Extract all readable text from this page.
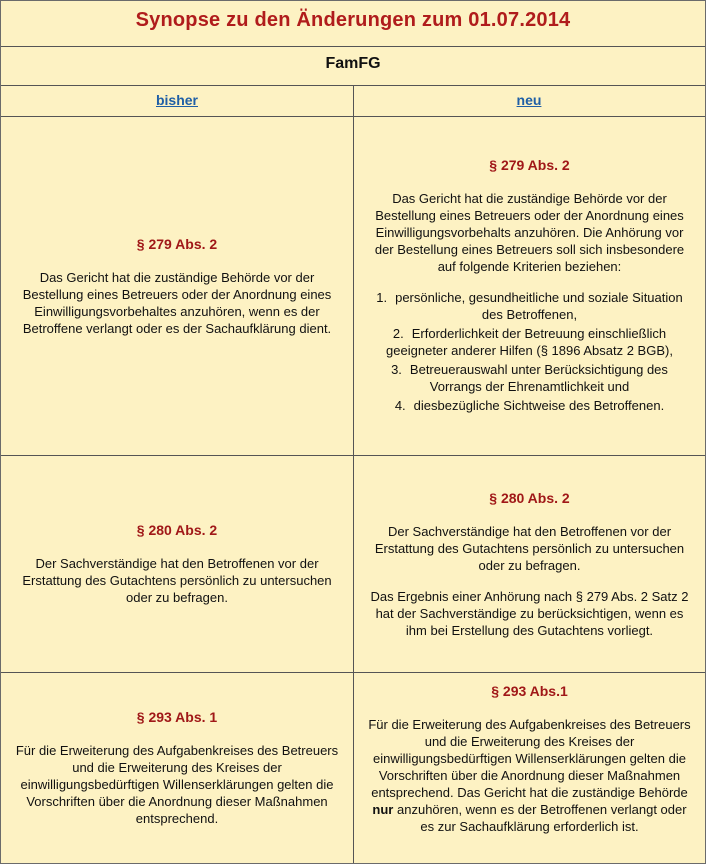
Synopse zu den Änderungen zum 01.07.2014
FamFG
bisher	neu
§ 279 Abs. 2

Das Gericht hat die zuständige Behörde vor der Bestellung eines Betreuers oder der Anordnung eines Einwilligungsvorbehaltes anzuhören, wenn es der Betroffene verlangt oder es der Sachaufklärung dient.

§ 279 Abs. 2

Das Gericht hat die zuständige Behörde vor der Bestellung eines Betreuers oder der Anordnung eines Einwilligungsvorbehalts anzuhören. Die Anhörung vor der Bestellung eines Betreuers soll sich insbesondere auf folgende Kriterien beziehen:

1. persönliche, gesundheitliche und soziale Situation des Betroffenen,
2. Erforderlichkeit der Betreuung einschließlich geeigneter anderer Hilfen (§ 1896 Absatz 2 BGB),
3. Betreuerauswahl unter Berücksichtigung des Vorrangs der Ehrenamtlichkeit und
4. diesbezügliche Sichtweise des Betroffenen.
§ 280 Abs. 2

Der Sachverständige hat den Betroffenen vor der Erstattung des Gutachtens persönlich zu untersuchen oder zu befragen.

§ 280 Abs. 2

Der Sachverständige hat den Betroffenen vor der Erstattung des Gutachtens persönlich zu untersuchen oder zu befragen.

Das Ergebnis einer Anhörung nach § 279 Abs. 2 Satz 2 hat der Sachverständige zu berücksichtigen, wenn es ihm bei Erstellung des Gutachtens vorliegt.

§ 293 Abs. 1

Für die Erweiterung des Aufgabenkreises des Betreuers und die Erweiterung des Kreises der einwilligungsbedürftigen Willenserklärungen gelten die Vorschriften über die Anordnung dieser Maßnahmen entsprechend.

§ 293 Abs.1

Für die Erweiterung des Aufgabenkreises des Betreuers und die Erweiterung des Kreises der einwilligungsbedürftigen Willenserklärungen gelten die Vorschriften über die Anordnung dieser Maßnahmen entsprechend. Das Gericht hat die zuständige Behörde nur anzuhören, wenn es der Betroffenen verlangt oder es zur Sachaufklärung erforderlich ist.
